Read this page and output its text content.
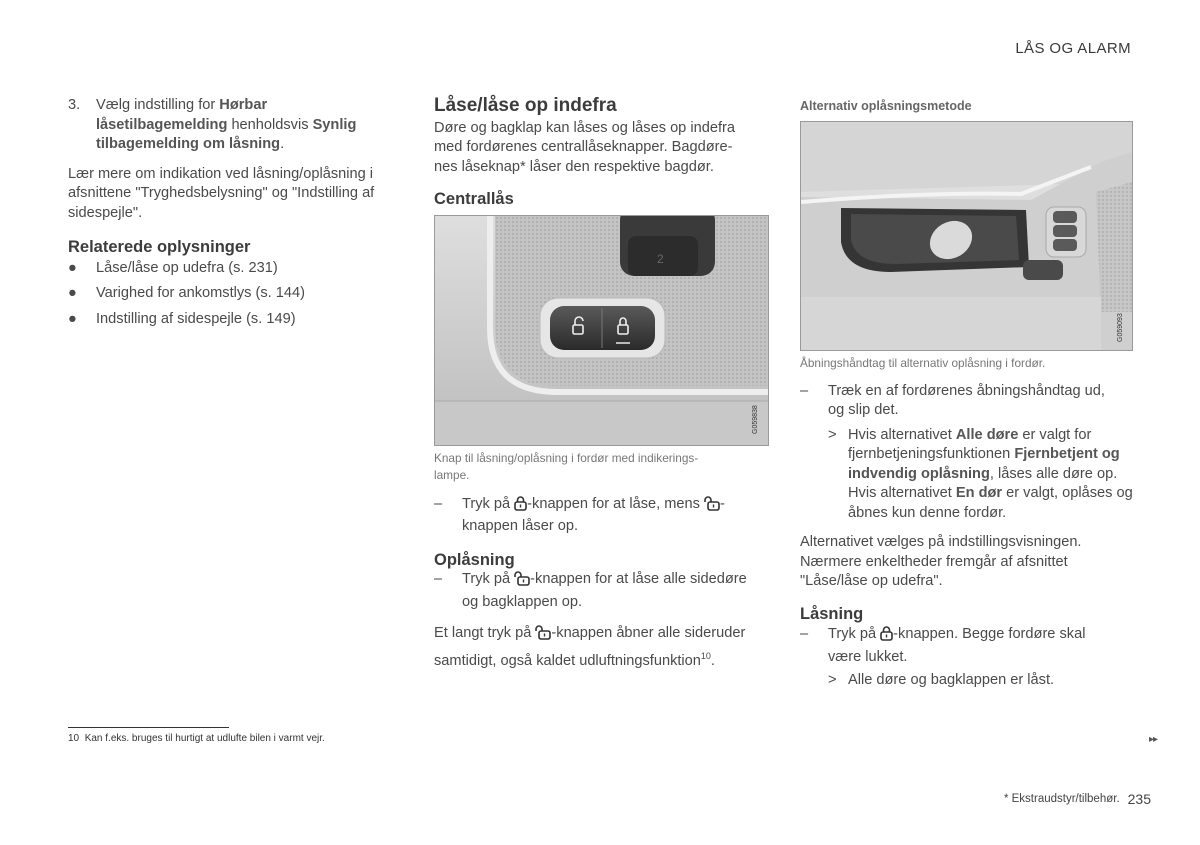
LÅS OG ALARM
3.	Vælg indstilling for Hørbar låsetilbagemelding henholdsvis Synlig tilbagemelding om låsning.

Lær mere om indikation ved låsning/oplåsning i afsnittene "Tryghedsbelysning" og "Indstilling af sidespejle".

Relaterede oplysninger
●	Låse/låse op udefra (s. 231)
●	Varighed for ankomstlys (s. 144)
●	Indstilling af sidespejle (s. 149)
Låse/låse op indefra

Døre og bagklap kan låses og låses op indefra
med fordørenes centrallåseknapper. Bagdøre-
nes låseknap* låser den respektive bagdør.

Centrallås
2
G059838

Knap til låsning/oplåsning i fordør med indikerings-
lampe.

–	Tryk på -knappen for at låse, mens -
knappen låser op.
Oplåsning
–	Tryk på -knappen for at låse alle sidedøre
og bagklappen op.

Et langt tryk på -knappen åbner alle sideruder
samtidigt, også kaldet udluftningsfunktion$^{10}$.

Alternativ oplåsningsmetode
G059093

Åbningshåndtag til alternativ oplåsning i fordør.

–	Træk en af fordørenes åbningshåndtag ud,
og slip det.
> Hvis alternativet Alle døre er valgt for fjernbetjeningsfunktionen Fjernbetjent og indvendig oplåsning, låses alle døre op. Hvis alternativet En dør er valgt, oplåses og åbnes kun denne fordør.

Alternativet vælges på indstillingsvisningen. Nærmere enkeltheder fremgår af afsnittet "Låse/låse op udefra".

Låsning
–	Tryk på -knappen. Begge fordøre skal
være lukket.
> Alle døre og bagklappen er låst.
10 Kan f.eks. bruges til hurtigt at udlufte bilen i varmt vejr.	▸▸
* Ekstraudstyr/tilbehør. 235
